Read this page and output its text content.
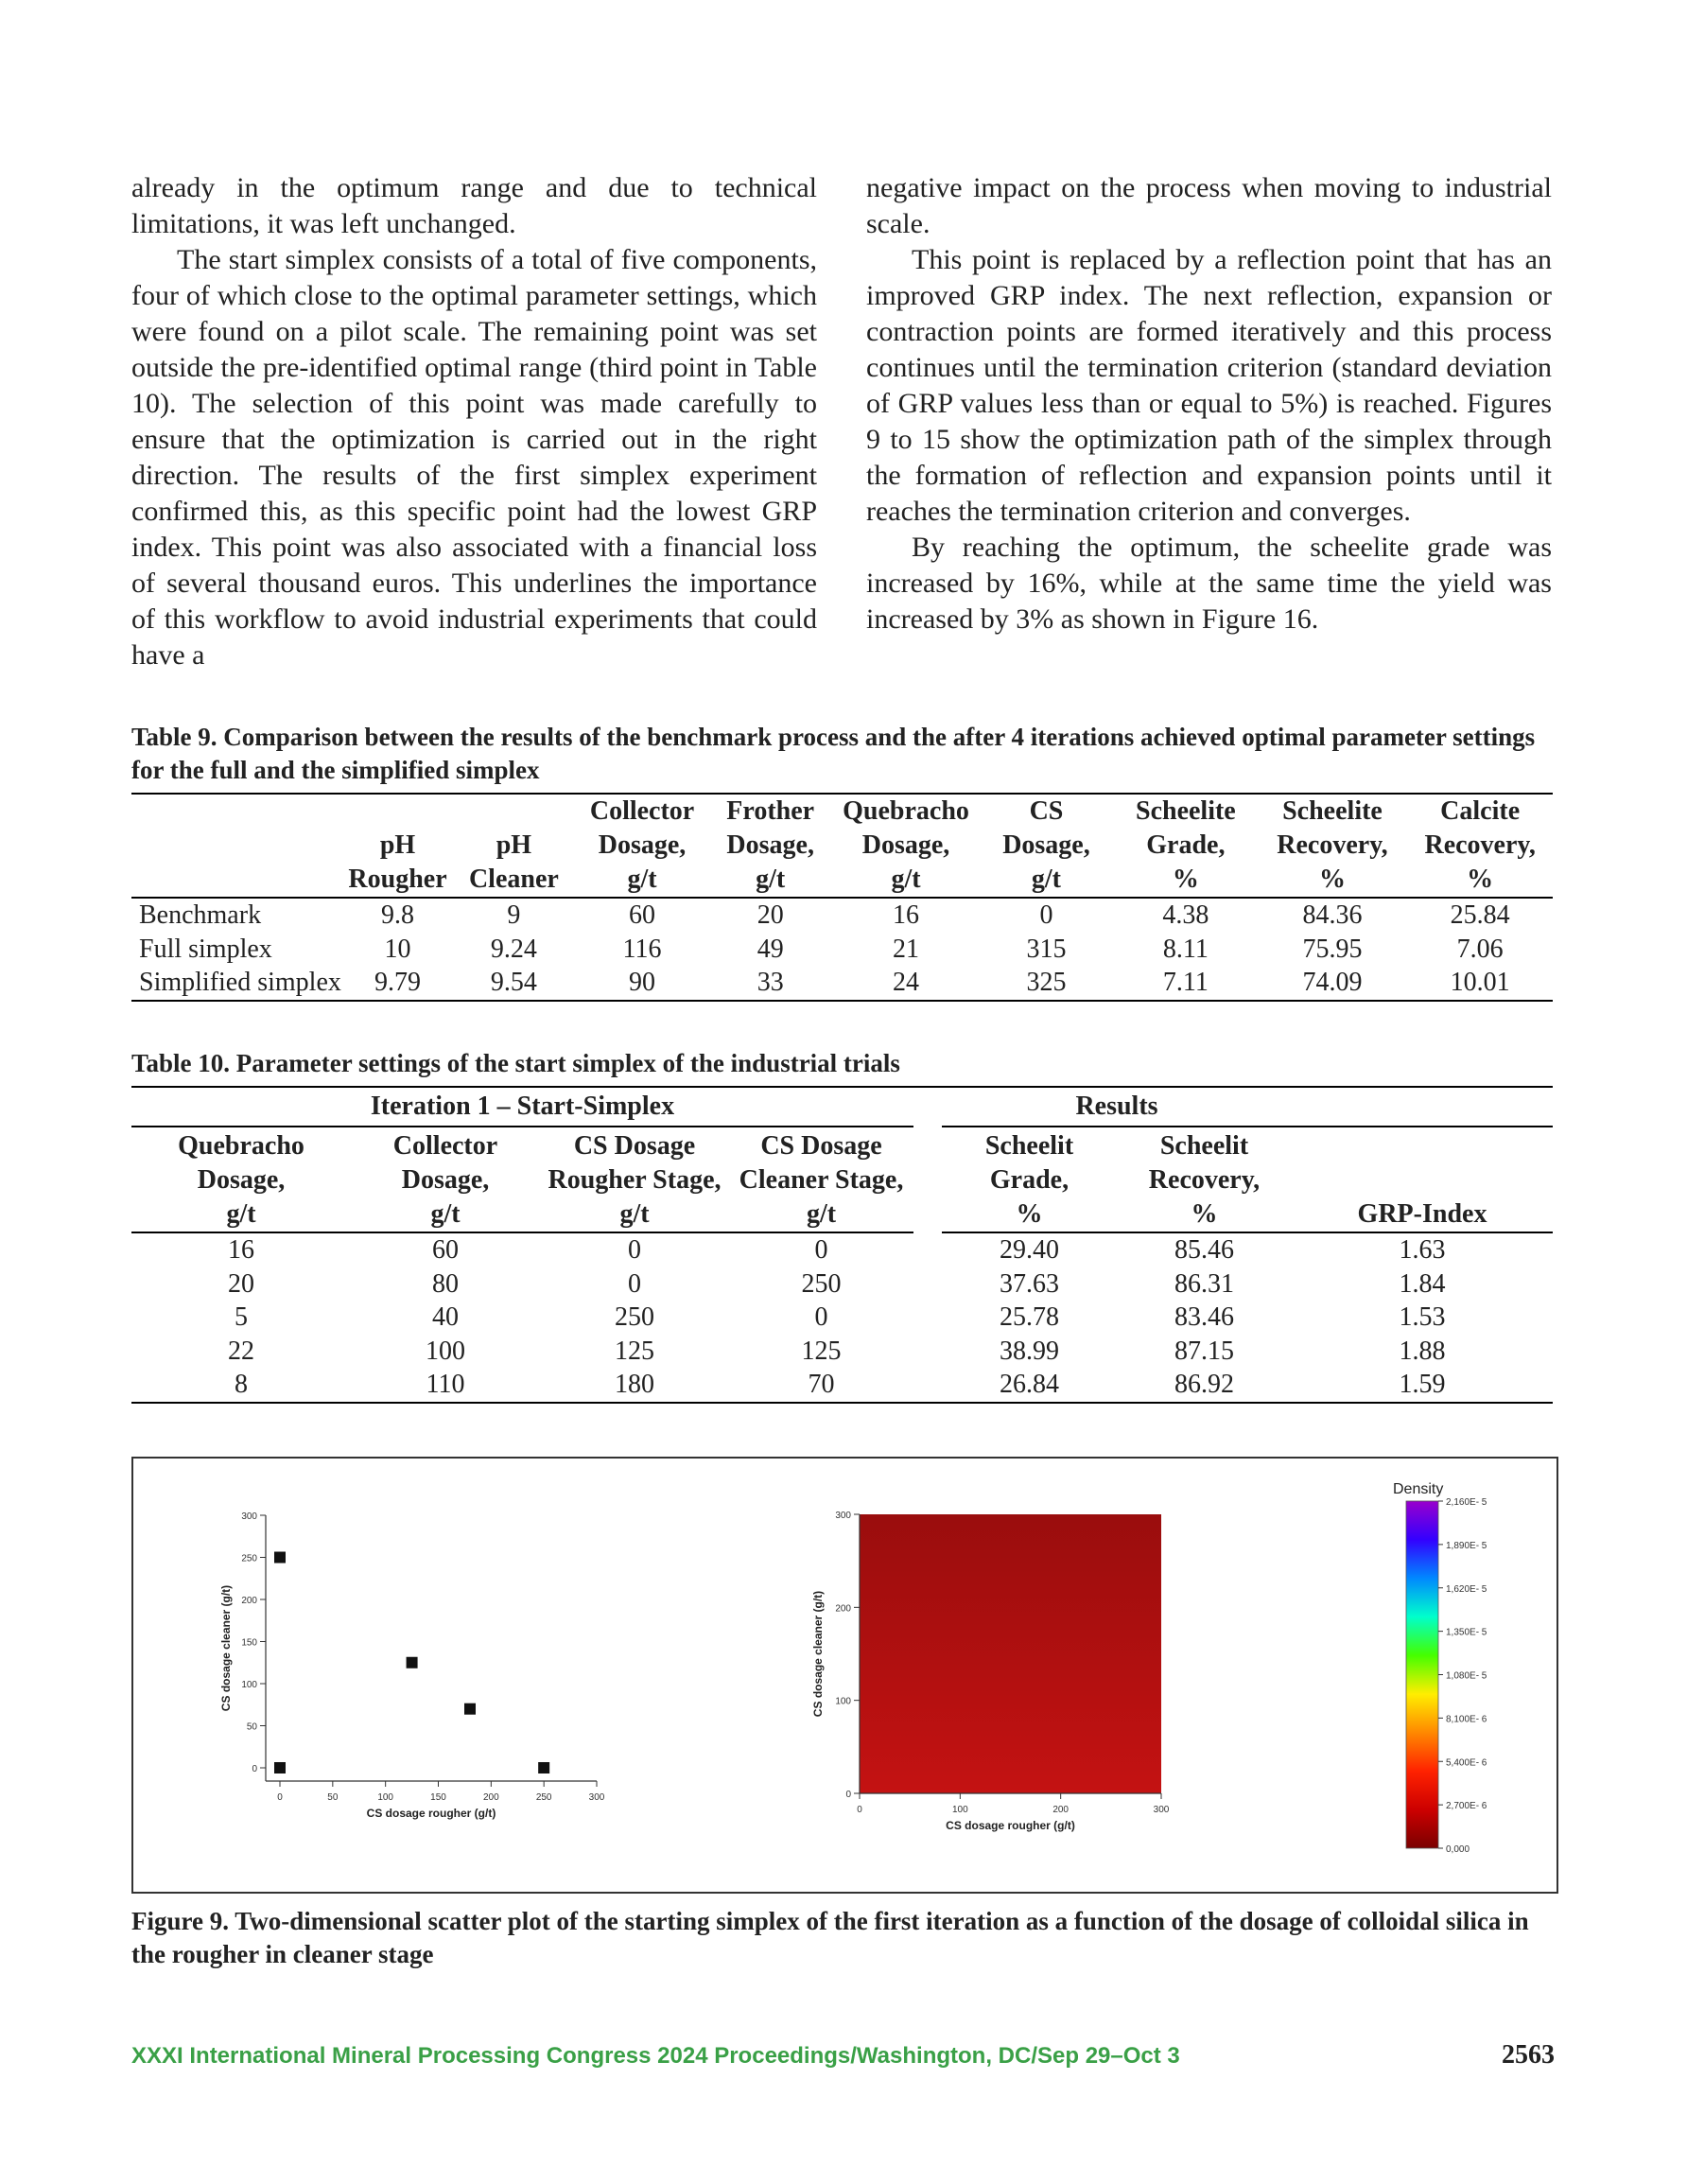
already in the optimum range and due to technical limitations, it was left unchanged.

The start simplex consists of a total of five components, four of which close to the optimal parameter settings, which were found on a pilot scale. The remaining point was set outside the pre-identified optimal range (third point in Table 10). The selection of this point was made carefully to ensure that the optimization is carried out in the right direction. The results of the first simplex experiment confirmed this, as this specific point had the lowest GRP index. This point was also associated with a financial loss of several thousand euros. This underlines the importance of this workflow to avoid industrial experiments that could have a

negative impact on the process when moving to industrial scale.

This point is replaced by a reflection point that has an improved GRP index. The next reflection, expansion or contraction points are formed iteratively and this process continues until the termination criterion (standard deviation of GRP values less than or equal to 5%) is reached. Figures 9 to 15 show the optimization path of the simplex through the formation of reflection and expansion points until it reaches the termination criterion and converges.

By reaching the optimum, the scheelite grade was increased by 16%, while at the same time the yield was increased by 3% as shown in Figure 16.

Table 9. Comparison between the results of the benchmark process and the after 4 iterations achieved optimal parameter settings for the full and the simplified simplex
	pH
Rougher	pH
Cleaner	Collector
Dosage,
g/t	Frother
Dosage,
g/t	Quebracho
Dosage,
g/t	CS
Dosage,
g/t	Scheelite
Grade,
%	Scheelite
Recovery,
%	Calcite
Recovery,
%
Benchmark	9.8	9	60	20	16	0	4.38	84.36	25.84
Full simplex	10	9.24	116	49	21	315	8.11	75.95	7.06
Simplified simplex	9.79	9.54	90	33	24	325	7.11	74.09	10.01
Table 10. Parameter settings of the start simplex of the industrial trials
Iteration 1 – Start-Simplex					Results		
Quebracho
Dosage,
g/t	Collector
Dosage,
g/t	CS Dosage
Rougher Stage,
g/t	CS Dosage
Cleaner Stage,
g/t		Scheelit
Grade,
%	Scheelit
Recovery,
%	GRP-Index
16	60	0	0		29.40	85.46	1.63
20	80	0	250		37.63	86.31	1.84
5	40	250	0		25.78	83.46	1.53
22	100	125	125		38.99	87.15	1.88
8	110	180	70		26.84	86.92	1.59
0
50
100
150
200
250
300
0	50	100	150	200	250	300
CS dosage rougher (g/t)
CS dosage cleaner (g/t)
0
100
200
300
0	100	200	300
CS dosage rougher (g/t)
CS dosage cleaner (g/t)
Density
2,160E- 5
1,890E- 5
1,620E- 5
1,350E- 5
1,080E- 5
8,100E- 6
5,400E- 6
2,700E- 6
0,000
Figure 9. Two-dimensional scatter plot of the starting simplex of the first iteration as a function of the dosage of colloidal silica in the rougher in cleaner stage
XXXI International Mineral Processing Congress 2024 Proceedings/Washington, DC/Sep 29–Oct 3	2563
